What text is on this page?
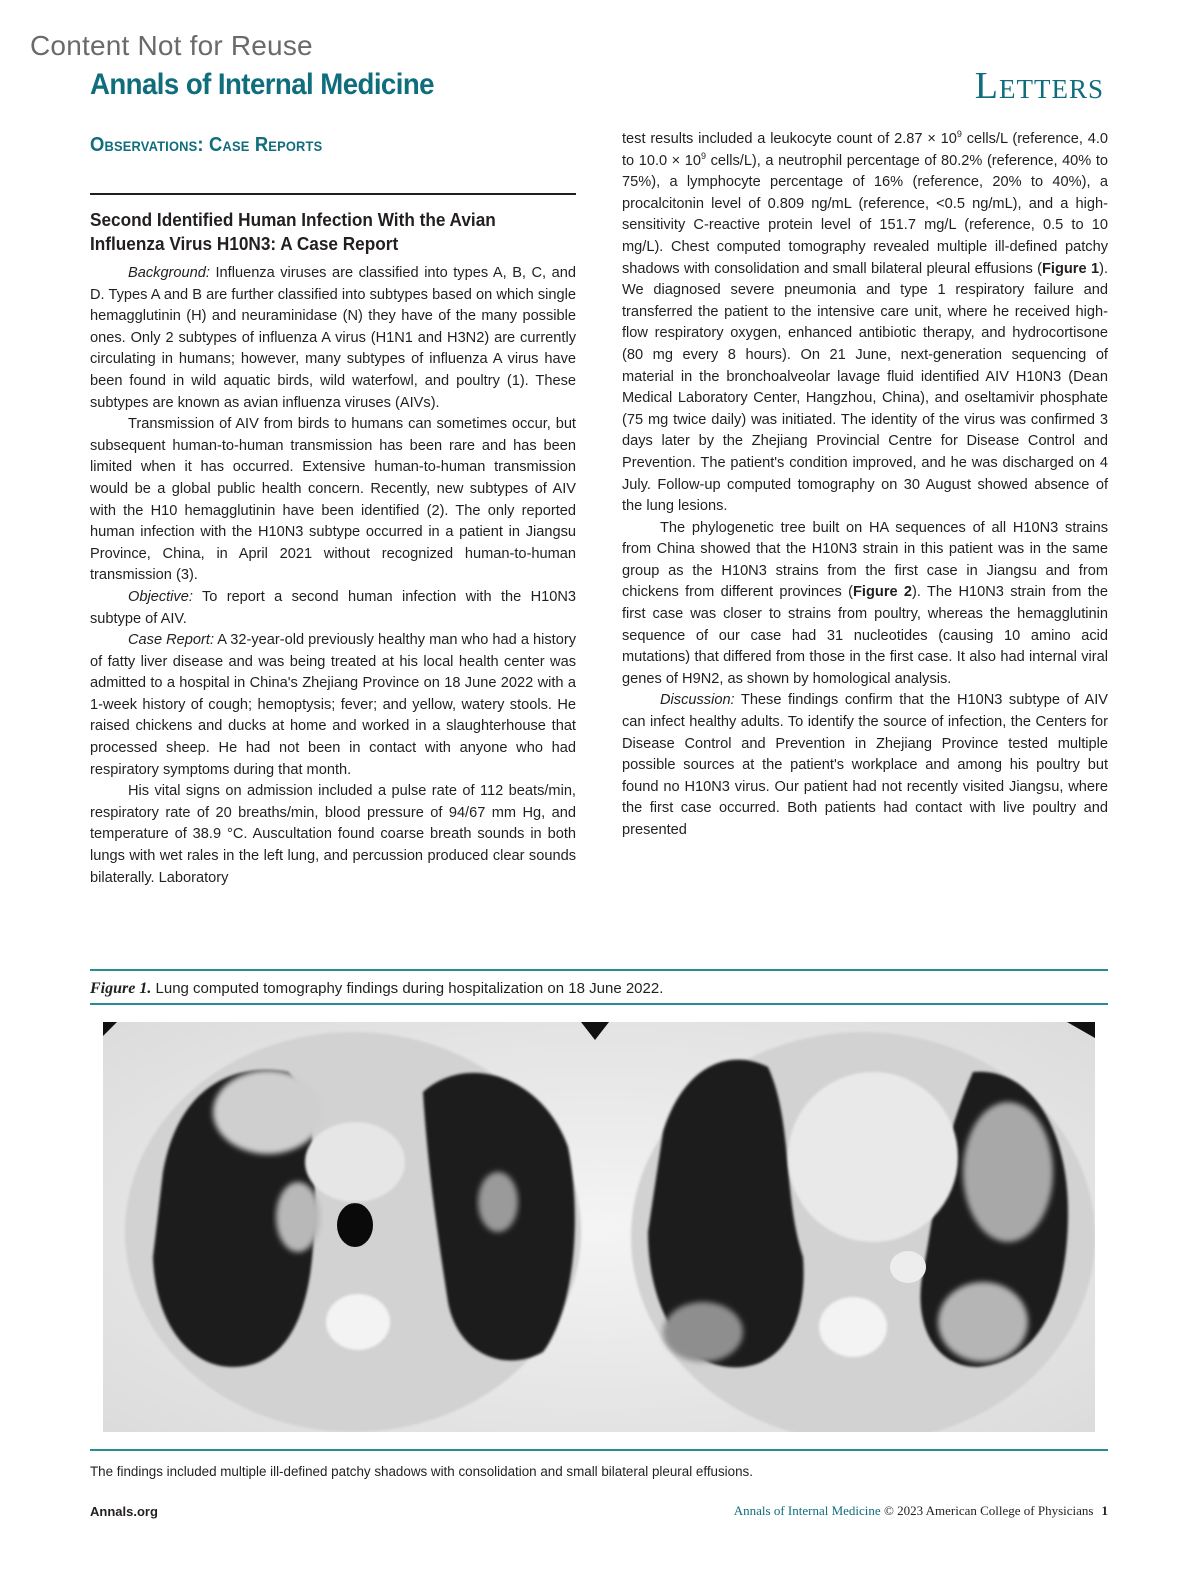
Content Not for Reuse
Annals of Internal Medicine	Letters
Observations: Case Reports
Second Identified Human Infection With the Avian Influenza Virus H10N3: A Case Report

Background: Influenza viruses are classified into types A, B, C, and D. Types A and B are further classified into subtypes based on which single hemagglutinin (H) and neuraminidase (N) they have of the many possible ones. Only 2 subtypes of influenza A virus (H1N1 and H3N2) are currently circulating in humans; however, many subtypes of influenza A virus have been found in wild aquatic birds, wild waterfowl, and poultry (1). These subtypes are known as avian influenza viruses (AIVs).

Transmission of AIV from birds to humans can sometimes occur, but subsequent human-to-human transmission has been rare and has been limited when it has occurred. Extensive human-to-human transmission would be a global public health concern. Recently, new subtypes of AIV with the H10 hemagglutinin have been identified (2). The only reported human infection with the H10N3 subtype occurred in a patient in Jiangsu Province, China, in April 2021 without recognized human-to-human transmission (3).

Objective: To report a second human infection with the H10N3 subtype of AIV.

Case Report: A 32-year-old previously healthy man who had a history of fatty liver disease and was being treated at his local health center was admitted to a hospital in China's Zhejiang Province on 18 June 2022 with a 1-week history of cough; hemoptysis; fever; and yellow, watery stools. He raised chickens and ducks at home and worked in a slaughterhouse that processed sheep. He had not been in contact with anyone who had respiratory symptoms during that month.

His vital signs on admission included a pulse rate of 112 beats/min, respiratory rate of 20 breaths/min, blood pressure of 94/67 mm Hg, and temperature of 38.9 °C. Auscultation found coarse breath sounds in both lungs with wet rales in the left lung, and percussion produced clear sounds bilaterally. Laboratory

test results included a leukocyte count of $2.87 \times 10^9$ cells/L (reference, 4.0 to $10.0 \times 10^9$ cells/L), a neutrophil percentage of 80.2% (reference, 40% to 75%), a lymphocyte percentage of 16% (reference, 20% to 40%), a procalcitonin level of 0.809 ng/mL (reference, <0.5 ng/mL), and a high-sensitivity C-reactive protein level of 151.7 mg/L (reference, 0.5 to 10 mg/L). Chest computed tomography revealed multiple ill-defined patchy shadows with consolidation and small bilateral pleural effusions (Figure 1). We diagnosed severe pneumonia and type 1 respiratory failure and transferred the patient to the intensive care unit, where he received high-flow respiratory oxygen, enhanced antibiotic therapy, and hydrocortisone (80 mg every 8 hours). On 21 June, next-generation sequencing of material in the bronchoalveolar lavage fluid identified AIV H10N3 (Dean Medical Laboratory Center, Hangzhou, China), and oseltamivir phosphate (75 mg twice daily) was initiated. The identity of the virus was confirmed 3 days later by the Zhejiang Provincial Centre for Disease Control and Prevention. The patient's condition improved, and he was discharged on 4 July. Follow-up computed tomography on 30 August showed absence of the lung lesions.

The phylogenetic tree built on HA sequences of all H10N3 strains from China showed that the H10N3 strain in this patient was in the same group as the H10N3 strains from the first case in Jiangsu and from chickens from different provinces (Figure 2). The H10N3 strain from the first case was closer to strains from poultry, whereas the hemagglutinin sequence of our case had 31 nucleotides (causing 10 amino acid mutations) that differed from those in the first case. It also had internal viral genes of H9N2, as shown by homological analysis.

Discussion: These findings confirm that the H10N3 subtype of AIV can infect healthy adults. To identify the source of infection, the Centers for Disease Control and Prevention in Zhejiang Province tested multiple possible sources at the patient's workplace and among his poultry but found no H10N3 virus. Our patient had not recently visited Jiangsu, where the first case occurred. Both patients had contact with live poultry and presented

Figure 1. Lung computed tomography findings during hospitalization on 18 June 2022.
The findings included multiple ill-defined patchy shadows with consolidation and small bilateral pleural effusions.
Annals.org	Annals of Internal Medicine © 2023 American College of Physicians 1
